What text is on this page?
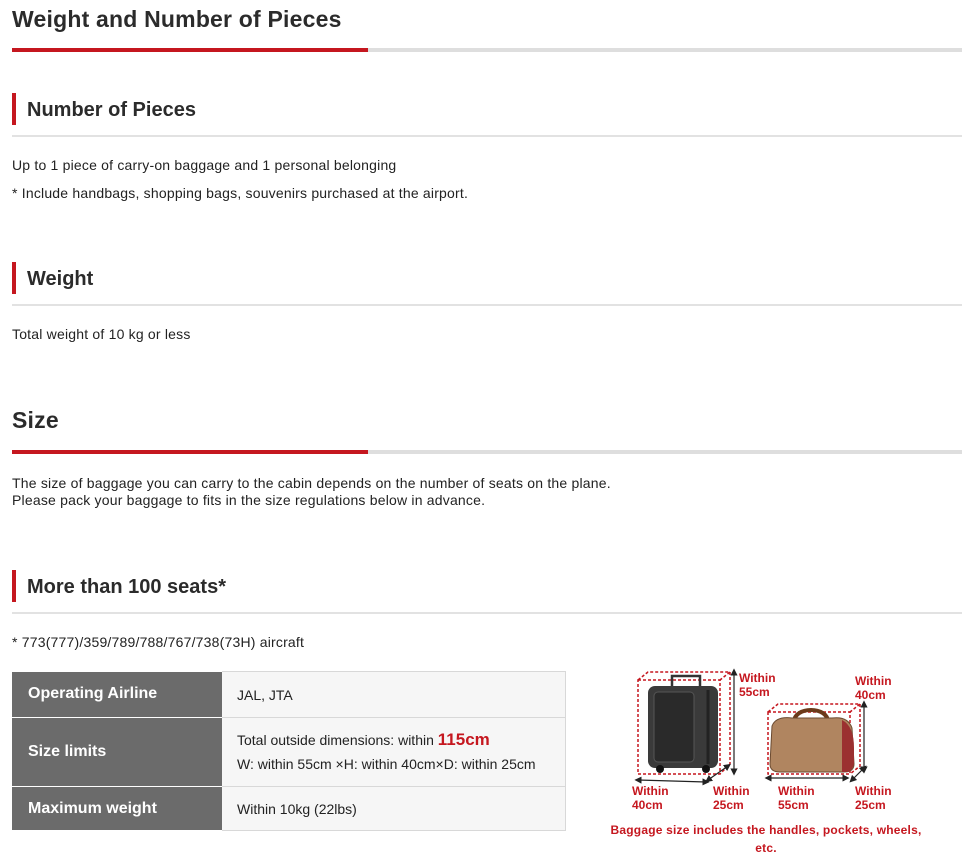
Weight and Number of Pieces
Number of Pieces

Up to 1 piece of carry-on baggage and 1 personal belonging

* Include handbags, shopping bags, souvenirs purchased at the airport.

Weight

Total weight of 10 kg or less

Size

The size of baggage you can carry to the cabin depends on the number of seats on the plane.

Please pack your baggage to fits in the size regulations below in advance.

More than 100 seats*

* 773(777)/359/789/788/767/738(73H) aircraft

Operating Airline	JAL, JTA
Size limits	Total outside dimensions: within 115cm
W: within 55cm ×H: within 40cm×D: within 25cm

Maximum weight	Within 10kg (22lbs)
Within
55cm
Within
40cm
Within
25cm
Within
40cm
Within
55cm
Within
25cm
Baggage size includes the handles, pockets, wheels,
etc.
